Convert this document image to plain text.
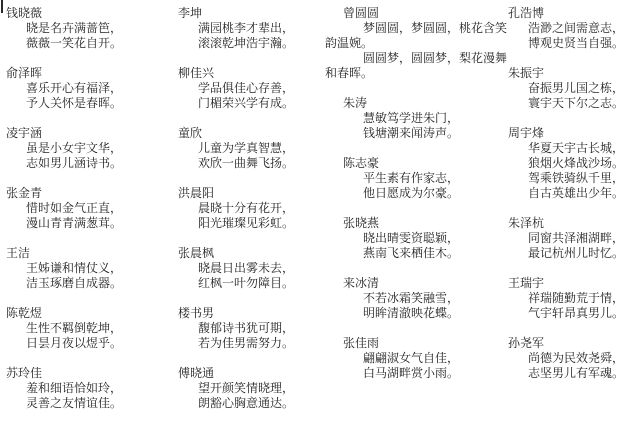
钱晓薇
晓是名卉满蔷笆，
薇薇一笑花自开。
俞泽晖
喜乐开心有福泽，
予人关怀是春晖。
凌宇涵
虽是小女宇文华，
志如男儿涵诗书。
张金青
惜时如金气正直，
漫山青青满葱茸。
王洁
王姊谦和情仗义，
洁玉琢磨自成器。
陈乾煜
生性不羁倒乾坤，
日昙月夜以煜乎。
苏玲佳
羞和细语恰如玲，
灵善之友情谊佳。
李坤
满园桃李才辈出，
滚滚乾坤浩宇瀚。
柳佳兴
学品俱佳心存善，
门楣荣兴学有成。
童欣
儿童为学真智慧，
欢欣一曲舞飞扬。
洪晨阳
晨晓十分有花开，
阳光璀璨见彩虹。
张晨枫
晓晨日出雾未去，
红枫一叶勿障目。
楼书男
馥郁诗书犹可期，
若为佳男需努力。
傅晓通
望开颜笑情晓理，
朗豁心胸意通达。
曾圆圆
梦圆圆，梦圆圆，桃花含笑
韵温婉。
圆圆梦，圆圆梦，梨花漫舞
和春晖。
朱涛
慧敏笃学进朱门，
钱塘潮来闻涛声。
陈志豪
平生素有作家志，
他日愿成为尔豪。
张晓燕
晓出晴雯资聪颖，
燕南飞来栖佳木。
来冰清
不若冰霜笑融雪，
明眸清澈映花蝶。
张佳雨
翩翩淑女气自佳，
白马湖畔赏小雨。
孔浩博
浩渺之间需意志，
博观史贤当自强。
朱振宇
奋振男儿国之栋，
寰宇天下尔之志。
周宇烽
华夏天宇古长城，
狼烟火烽战沙场。
驾乘铁骑纵千里，
自古英雄出少年。
朱泽杭
同窗共泽湘湖畔，
最记杭州儿时忆。
王瑞宇
祥瑞随勤荒于情，
气宇轩昂真男儿。
孙尧军
尚德为民效尧舜，
志坚男儿有军魂。
